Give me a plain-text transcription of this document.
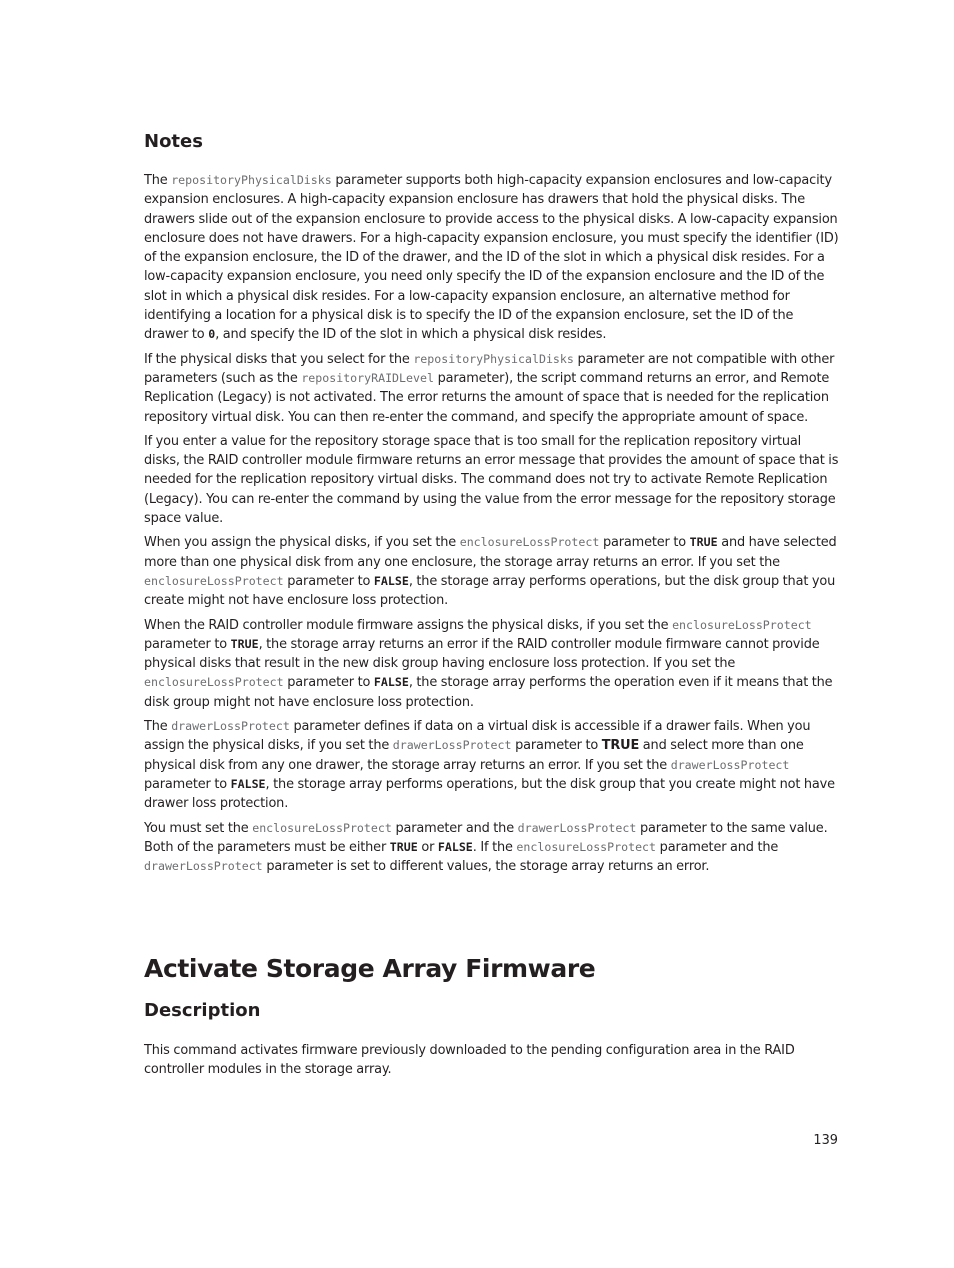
Notes

The repositoryPhysicalDisks parameter supports both high-capacity expansion enclosures and low-capacity expansion enclosures. A high-capacity expansion enclosure has drawers that hold the physical disks. The drawers slide out of the expansion enclosure to provide access to the physical disks. A low-capacity expansion enclosure does not have drawers. For a high-capacity expansion enclosure, you must specify the identifier (ID) of the expansion enclosure, the ID of the drawer, and the ID of the slot in which a physical disk resides. For a low-capacity expansion enclosure, you need only specify the ID of the expansion enclosure and the ID of the slot in which a physical disk resides. For a low-capacity expansion enclosure, an alternative method for identifying a location for a physical disk is to specify the ID of the expansion enclosure, set the ID of the drawer to 0, and specify the ID of the slot in which a physical disk resides.

If the physical disks that you select for the repositoryPhysicalDisks parameter are not compatible with other parameters (such as the repositoryRAIDLevel parameter), the script command returns an error, and Remote Replication (Legacy) is not activated. The error returns the amount of space that is needed for the replication repository virtual disk. You can then re-enter the command, and specify the appropriate amount of space.

If you enter a value for the repository storage space that is too small for the replication repository virtual disks, the RAID controller module firmware returns an error message that provides the amount of space that is needed for the replication repository virtual disks. The command does not try to activate Remote Replication (Legacy). You can re-enter the command by using the value from the error message for the repository storage space value.

When you assign the physical disks, if you set the enclosureLossProtect parameter to TRUE and have selected more than one physical disk from any one enclosure, the storage array returns an error. If you set the enclosureLossProtect parameter to FALSE, the storage array performs operations, but the disk group that you create might not have enclosure loss protection.

When the RAID controller module firmware assigns the physical disks, if you set the enclosureLossProtect parameter to TRUE, the storage array returns an error if the RAID controller module firmware cannot provide physical disks that result in the new disk group having enclosure loss protection. If you set the enclosureLossProtect parameter to FALSE, the storage array performs the operation even if it means that the disk group might not have enclosure loss protection.

The drawerLossProtect parameter defines if data on a virtual disk is accessible if a drawer fails. When you assign the physical disks, if you set the drawerLossProtect parameter to TRUE and select more than one physical disk from any one drawer, the storage array returns an error. If you set the drawerLossProtect parameter to FALSE, the storage array performs operations, but the disk group that you create might not have drawer loss protection.

You must set the enclosureLossProtect parameter and the drawerLossProtect parameter to the same value. Both of the parameters must be either TRUE or FALSE. If the enclosureLossProtect parameter and the drawerLossProtect parameter is set to different values, the storage array returns an error.

Activate Storage Array Firmware
Description

This command activates firmware previously downloaded to the pending configuration area in the RAID controller modules in the storage array.

139
